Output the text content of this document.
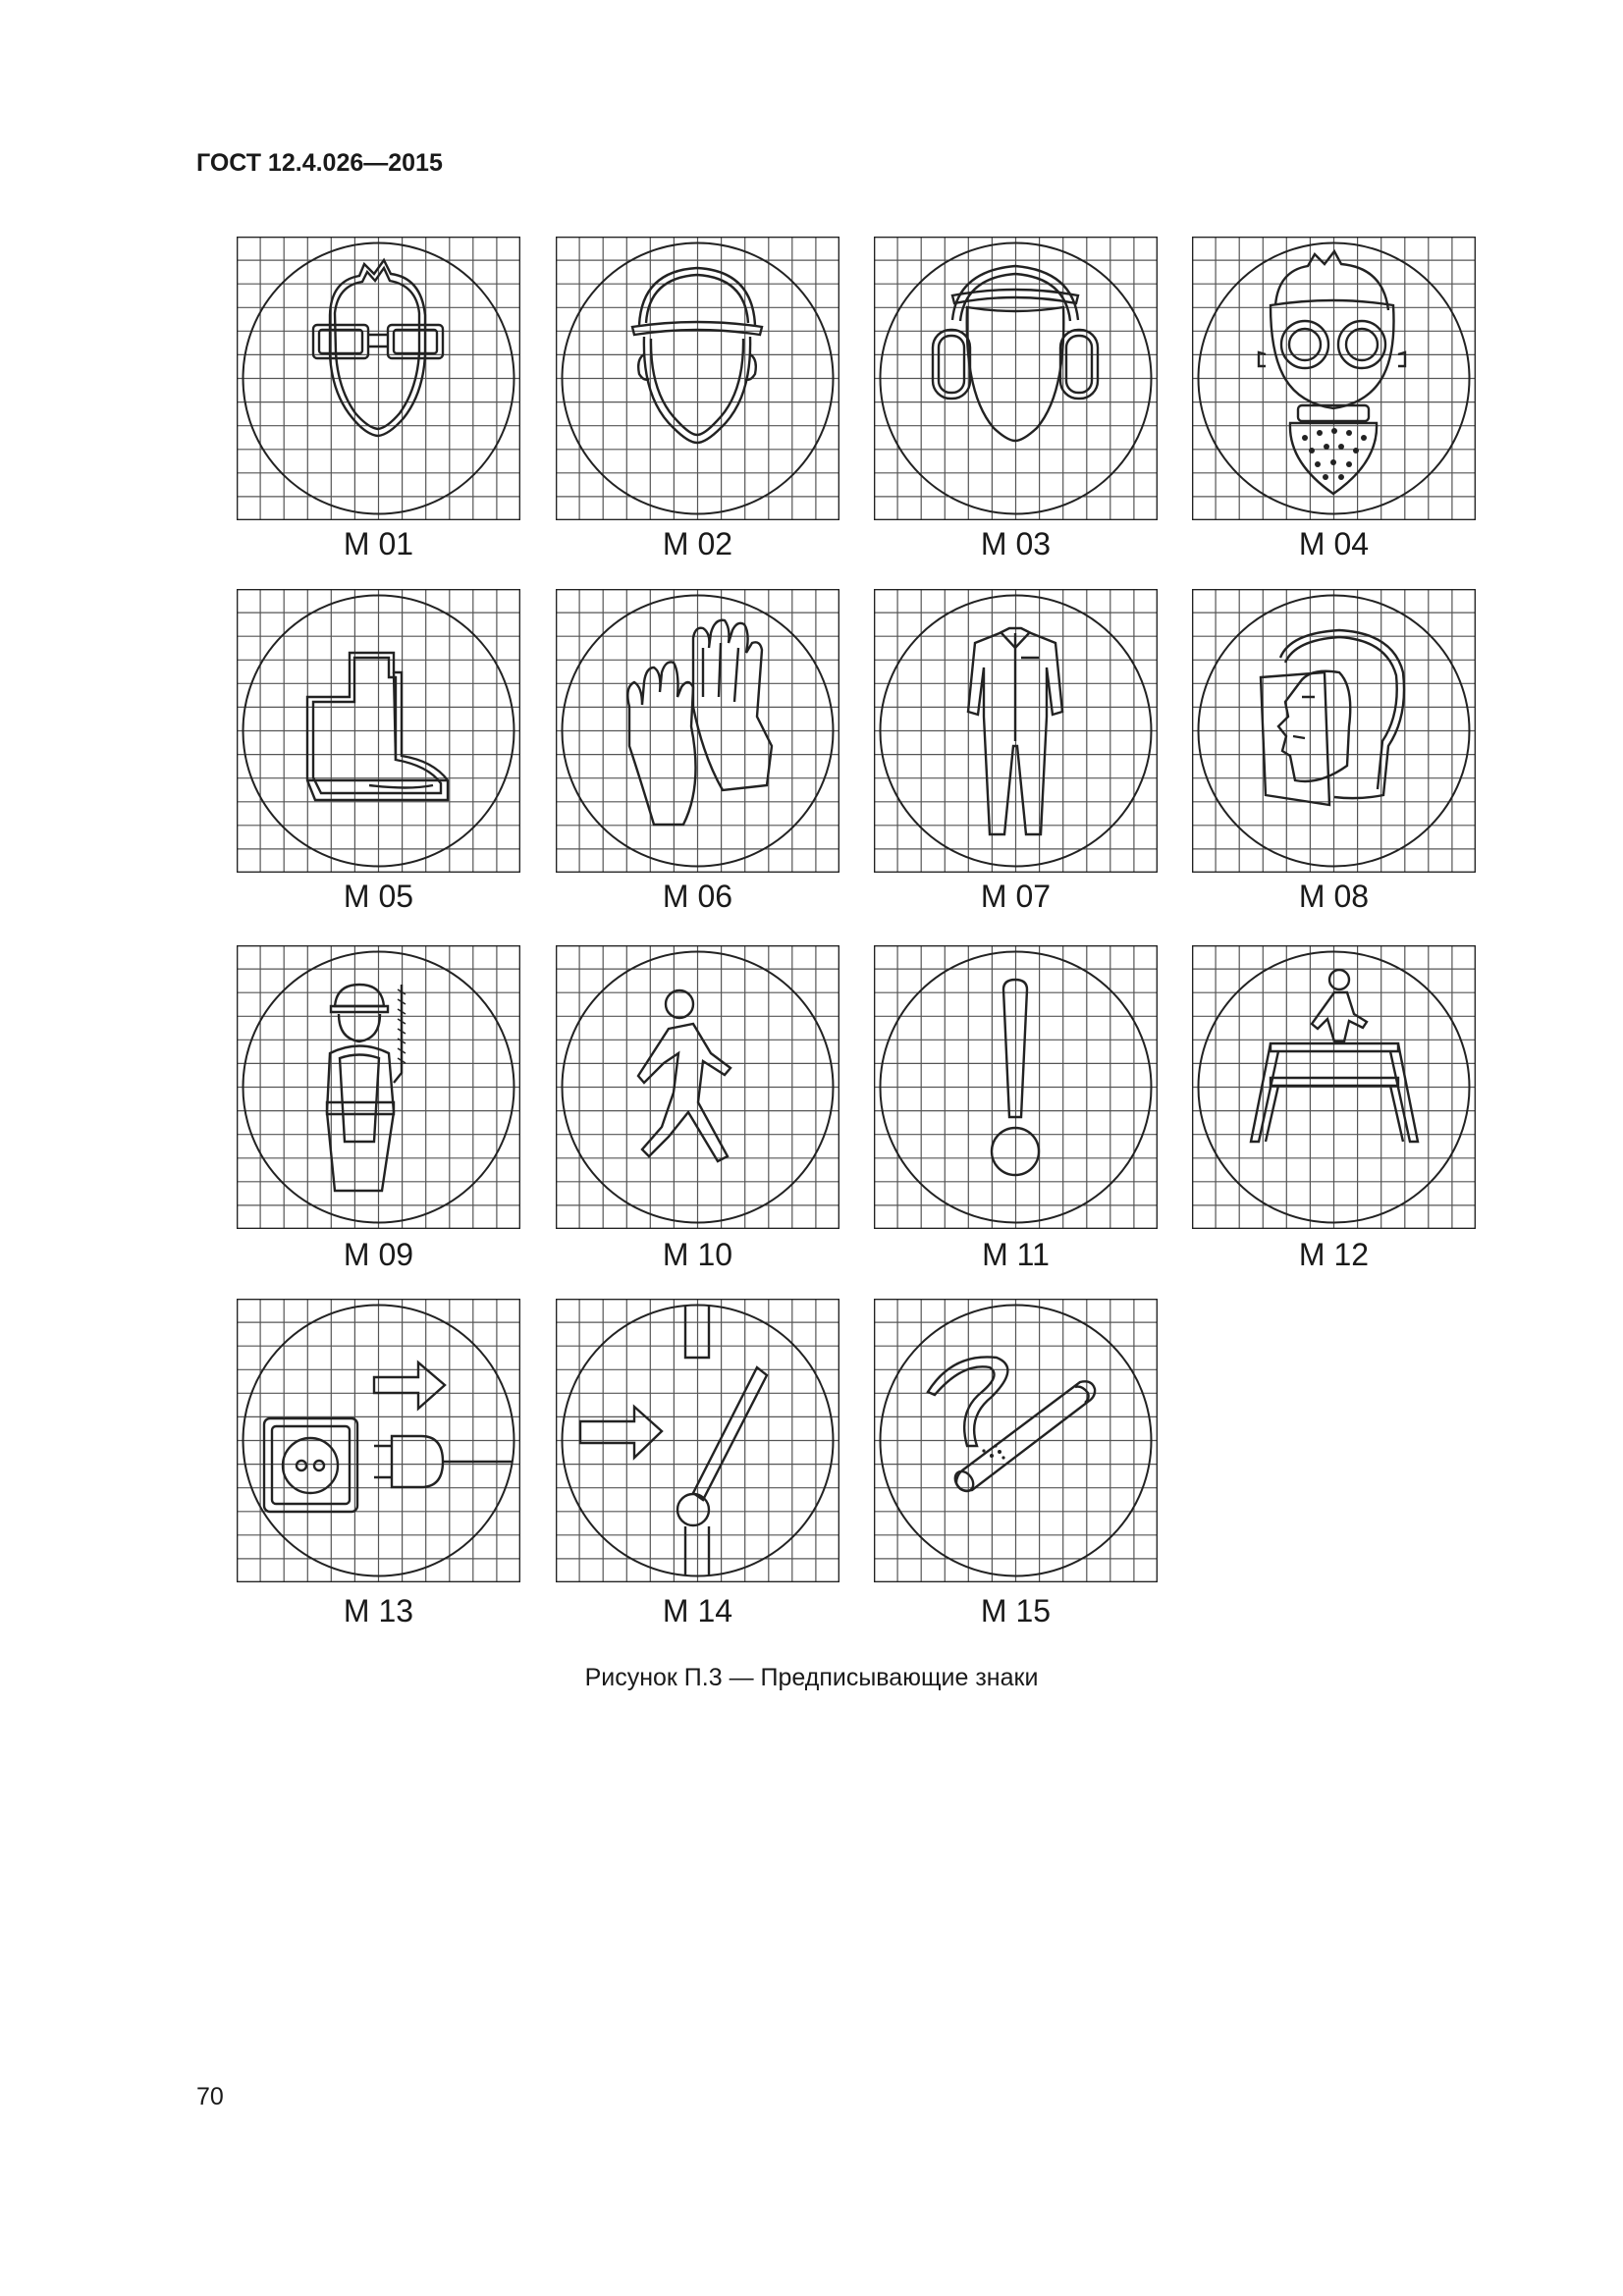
ГОСТ 12.4.026—2015
М 01	М 02	М 03	М 04
М 05	М 06	М 07	М 08
М 09	М 10	М 11	М 12
М 13	М 14	М 15
Рисунок П.3 — Предписывающие знаки
70
